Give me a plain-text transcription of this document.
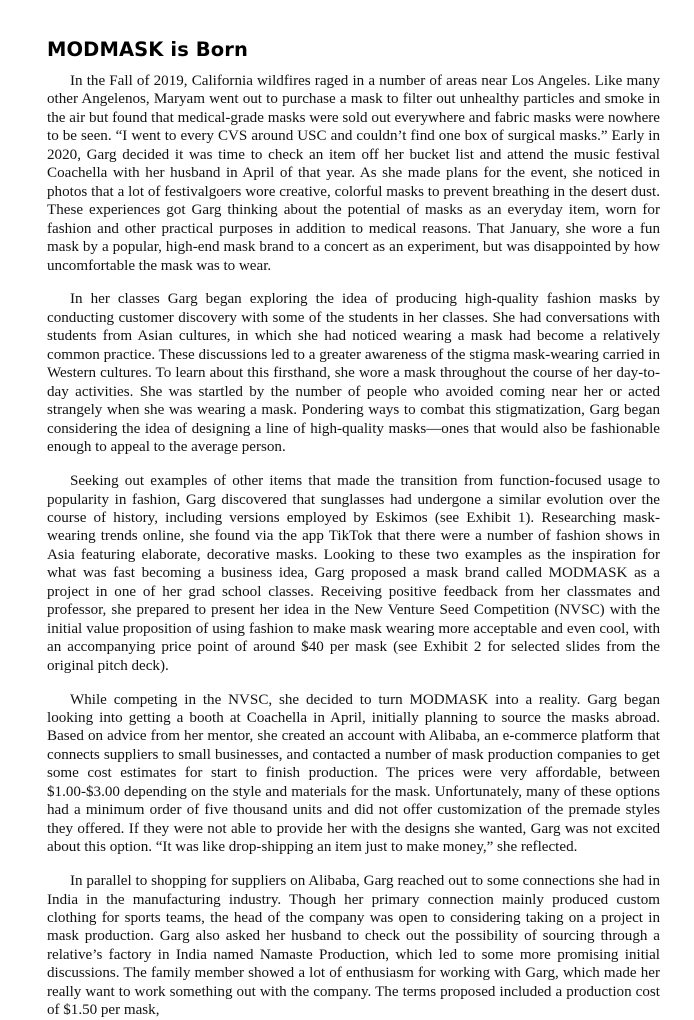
MODMASK is Born

In the Fall of 2019, California wildfires raged in a number of areas near Los Angeles. Like many other Angelenos, Maryam went out to purchase a mask to filter out unhealthy particles and smoke in the air but found that medical-grade masks were sold out everywhere and fabric masks were nowhere to be seen. “I went to every CVS around USC and couldn’t find one box of surgical masks.” Early in 2020, Garg decided it was time to check an item off her bucket list and attend the music festival Coachella with her husband in April of that year. As she made plans for the event, she noticed in photos that a lot of festivalgoers wore creative, colorful masks to prevent breathing in the desert dust. These experiences got Garg thinking about the potential of masks as an everyday item, worn for fashion and other practical purposes in addition to medical reasons. That January, she wore a fun mask by a popular, high-end mask brand to a concert as an experiment, but was disappointed by how uncomfortable the mask was to wear.

In her classes Garg began exploring the idea of producing high-quality fashion masks by conducting customer discovery with some of the students in her classes. She had conversations with students from Asian cultures, in which she had noticed wearing a mask had become a relatively common practice. These discussions led to a greater awareness of the stigma mask-wearing carried in Western cultures. To learn about this firsthand, she wore a mask throughout the course of her day-to-day activities. She was startled by the number of people who avoided coming near her or acted strangely when she was wearing a mask. Pondering ways to combat this stigmatization, Garg began considering the idea of designing a line of high-quality masks—ones that would also be fashionable enough to appeal to the average person.

Seeking out examples of other items that made the transition from function-focused usage to popularity in fashion, Garg discovered that sunglasses had undergone a similar evolution over the course of history, including versions employed by Eskimos (see Exhibit 1). Researching mask-wearing trends online, she found via the app TikTok that there were a number of fashion shows in Asia featuring elaborate, decorative masks. Looking to these two examples as the inspiration for what was fast becoming a business idea, Garg proposed a mask brand called MODMASK as a project in one of her grad school classes. Receiving positive feedback from her classmates and professor, she prepared to present her idea in the New Venture Seed Competition (NVSC) with the initial value proposition of using fashion to make mask wearing more acceptable and even cool, with an accompanying price point of around $40 per mask (see Exhibit 2 for selected slides from the original pitch deck).

While competing in the NVSC, she decided to turn MODMASK into a reality. Garg began looking into getting a booth at Coachella in April, initially planning to source the masks abroad. Based on advice from her mentor, she created an account with Alibaba, an e-commerce platform that connects suppliers to small businesses, and contacted a number of mask production companies to get some cost estimates for start to finish production. The prices were very affordable, between $1.00-$3.00 depending on the style and materials for the mask. Unfortunately, many of these options had a minimum order of five thousand units and did not offer customization of the premade styles they offered. If they were not able to provide her with the designs she wanted, Garg was not excited about this option. “It was like drop-shipping an item just to make money,” she reflected.

In parallel to shopping for suppliers on Alibaba, Garg reached out to some connections she had in India in the manufacturing industry. Though her primary connection mainly produced custom clothing for sports teams, the head of the company was open to considering taking on a project in mask production. Garg also asked her husband to check out the possibility of sourcing through a relative’s factory in India named Namaste Production, which led to some more promising initial discussions. The family member showed a lot of enthusiasm for working with Garg, which made her really want to work something out with the company. The terms proposed included a production cost of $1.50 per mask,
